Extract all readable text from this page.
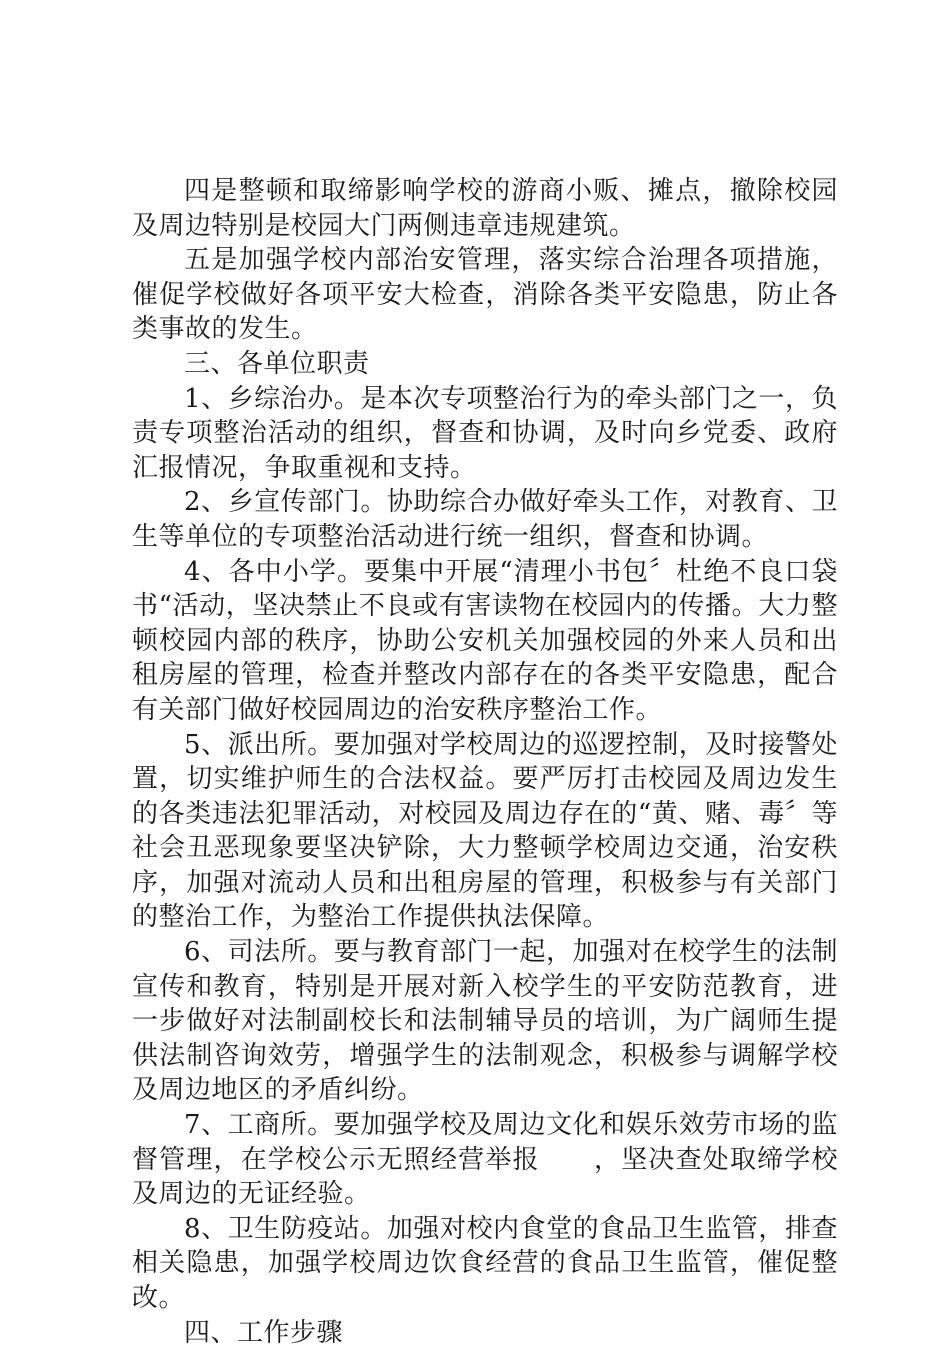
四是整顿和取缔影响学校的游商小贩、摊点，撤除校园及周边特别是校园大门两侧违章违规建筑。

五是加强学校内部治安管理，落实综合治理各项措施，催促学校做好各项平安大检查，消除各类平安隐患，防止各类事故的发生。

三、各单位职责

1、乡综治办。是本次专项整治行为的牵头部门之一，负责专项整治活动的组织，督查和协调，及时向乡党委、政府汇报情况，争取重视和支持。

2、乡宣传部门。协助综合办做好牵头工作，对教育、卫生等单位的专项整治活动进行统一组织，督查和协调。

4、各中小学。要集中开展“清理小书包〞杜绝不良口袋书“活动，坚决禁止不良或有害读物在校园内的传播。大力整顿校园内部的秩序，协助公安机关加强校园的外来人员和出租房屋的管理，检查并整改内部存在的各类平安隐患，配合有关部门做好校园周边的治安秩序整治工作。

5、派出所。要加强对学校周边的巡逻控制，及时接警处置，切实维护师生的合法权益。要严厉打击校园及周边发生的各类违法犯罪活动，对校园及周边存在的“黄、赌、毒〞等社会丑恶现象要坚决铲除，大力整顿学校周边交通，治安秩序，加强对流动人员和出租房屋的管理，积极参与有关部门的整治工作，为整治工作提供执法保障。

6、司法所。要与教育部门一起，加强对在校学生的法制宣传和教育，特别是开展对新入校学生的平安防范教育，进一步做好对法制副校长和法制辅导员的培训，为广阔师生提供法制咨询效劳，增强学生的法制观念，积极参与调解学校及周边地区的矛盾纠纷。

7、工商所。要加强学校及周边文化和娱乐效劳市场的监督管理，在学校公示无照经营举报　　，坚决查处取缔学校及周边的无证经验。

8、卫生防疫站。加强对校内食堂的食品卫生监管，排查相关隐患，加强学校周边饮食经营的食品卫生监管，催促整改。

四、工作步骤
